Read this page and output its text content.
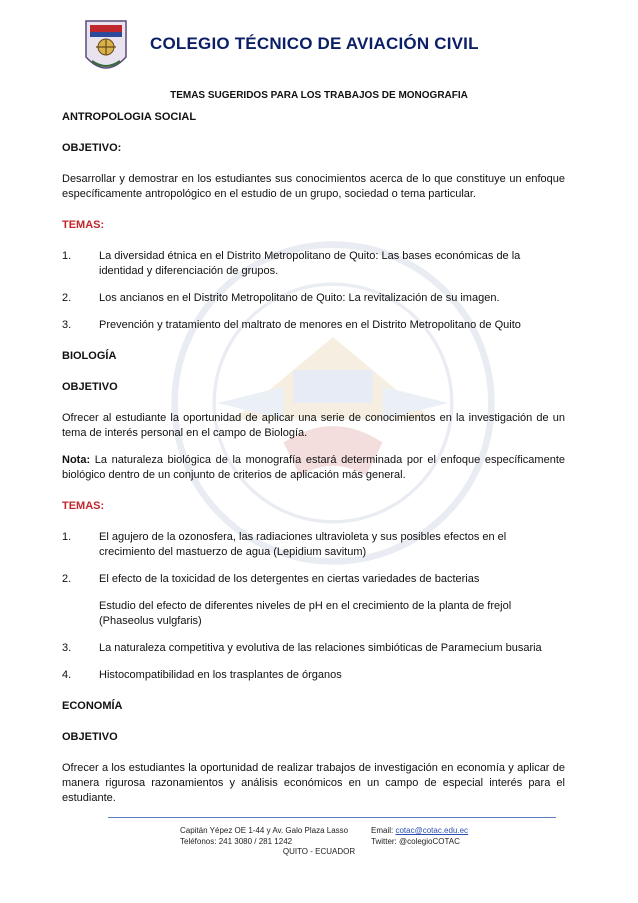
COLEGIO TÉCNICO DE AVIACIÓN CIVIL
TEMAS SUGERIDOS PARA LOS TRABAJOS DE MONOGRAFIA

ANTROPOLOGIA SOCIAL

OBJETIVO:

Desarrollar y demostrar en los estudiantes sus conocimientos acerca de lo que constituye un enfoque específicamente antropológico en el estudio de un grupo, sociedad o tema particular.

TEMAS:

1.	La diversidad étnica en el Distrito Metropolitano de Quito: Las bases económicas de la identidad y diferenciación de grupos.
2.	Los ancianos en el Distrito Metropolitano de Quito: La revitalización de su imagen.
3.	Prevención y tratamiento del maltrato de menores en el Distrito Metropolitano de Quito

BIOLOGÍA

OBJETIVO

Ofrecer al estudiante la oportunidad de aplicar una serie de conocimientos en la investigación de un tema de interés personal en el campo de Biología.

Nota: La naturaleza biológica de la monografía estará determinada por el enfoque específicamente biológico dentro de un conjunto de criterios de aplicación más general.

TEMAS:

1.	El agujero de la ozonosfera, las radiaciones ultravioleta y sus posibles efectos en el crecimiento del mastuerzo de agua (Lepidium savitum)
2.	El efecto de la toxicidad de los detergentes en ciertas variedades de bacterias

Estudio del efecto de diferentes niveles de pH en el crecimiento de la planta de frejol (Phaseolus vulgfaris)

3.	La naturaleza competitiva y evolutiva de las relaciones simbióticas de Paramecium busaria
4.	Histocompatibilidad en los trasplantes de órganos

ECONOMÍA

OBJETIVO

Ofrecer a los estudiantes la oportunidad de realizar trabajos de investigación en economía y aplicar de manera rigurosa razonamientos y análisis económicos en un campo de especial interés para el estudiante.

Capitán Yépez OE 1-44 y Av. Galo Plaza Lasso
Teléfonos: 241 3080 / 281 1242
Email: cotac@cotac.edu.ec
Twitter: @colegioCOTAC
QUITO - ECUADOR
